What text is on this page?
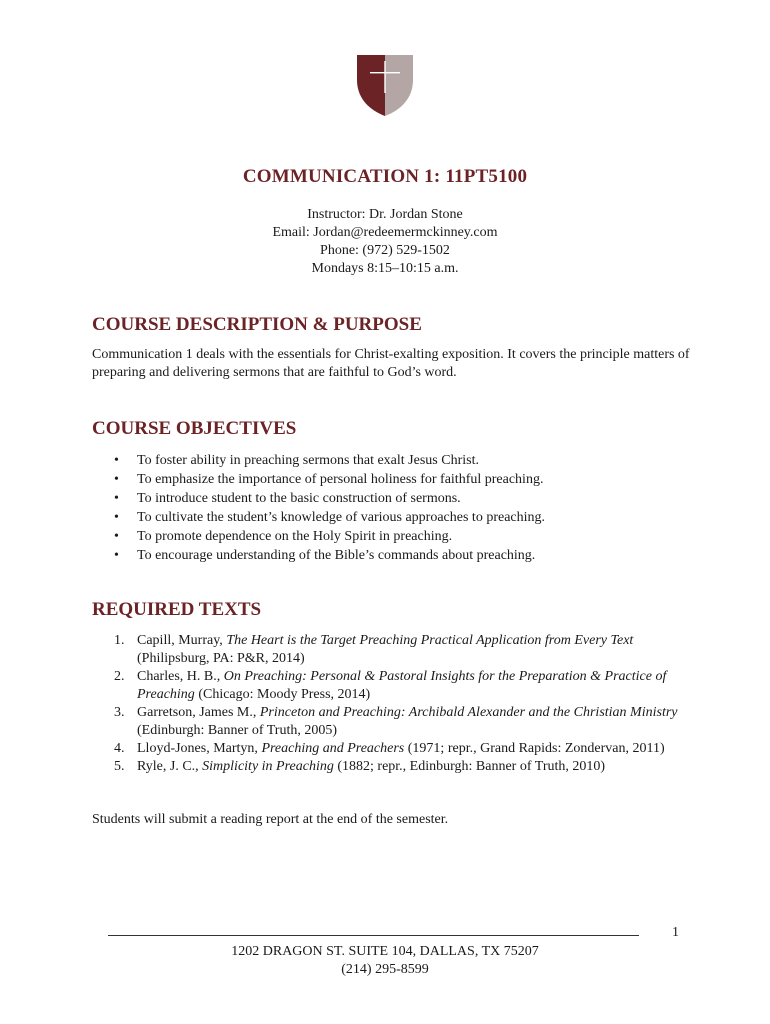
COMMUNICATION 1: 11PT5100
Instructor: Dr. Jordan Stone
Email: Jordan@redeemermckinney.com
Phone: (972) 529-1502
Mondays 8:15–10:15 a.m.
COURSE DESCRIPTION & PURPOSE

Communication 1 deals with the essentials for Christ-exalting exposition. It covers the principle matters of preparing and delivering sermons that are faithful to God’s word.

COURSE OBJECTIVES
• To foster ability in preaching sermons that exalt Jesus Christ.
• To emphasize the importance of personal holiness for faithful preaching.
• To introduce student to the basic construction of sermons.
• To cultivate the student’s knowledge of various approaches to preaching.
• To promote dependence on the Holy Spirit in preaching.
• To encourage understanding of the Bible’s commands about preaching.
REQUIRED TEXTS
1. Capill, Murray, The Heart is the Target Preaching Practical Application from Every Text (Philipsburg, PA: P&R, 2014)
2. Charles, H. B., On Preaching: Personal & Pastoral Insights for the Preparation & Practice of Preaching (Chicago: Moody Press, 2014)
3. Garretson, James M., Princeton and Preaching: Archibald Alexander and the Christian Ministry (Edinburgh: Banner of Truth, 2005)
4. Lloyd-Jones, Martyn, Preaching and Preachers (1971; repr., Grand Rapids: Zondervan, 2011)
5. Ryle, J. C., Simplicity in Preaching (1882; repr., Edinburgh: Banner of Truth, 2010)

Students will submit a reading report at the end of the semester.

1
1202 DRAGON ST. SUITE 104, DALLAS, TX 75207
(214) 295-8599
